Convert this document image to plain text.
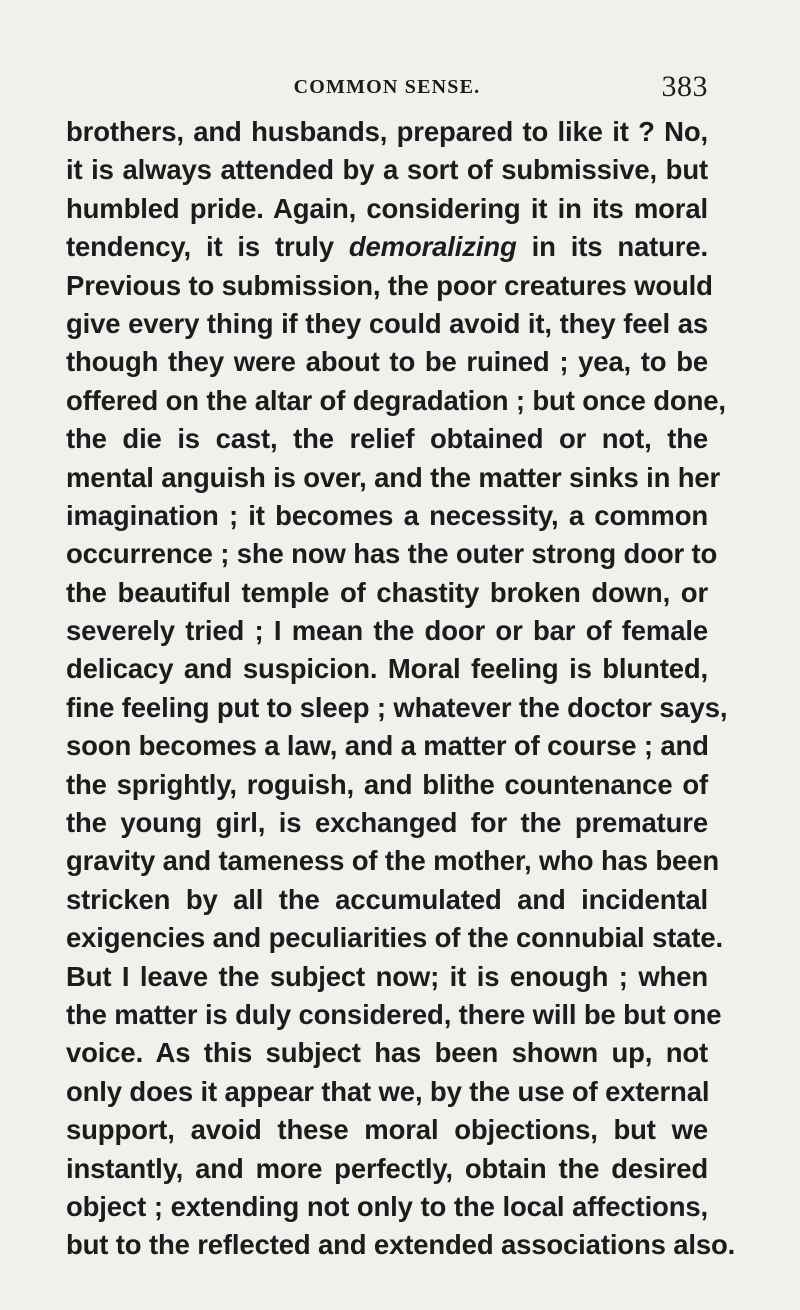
COMMON SENSE.	383
brothers, and husbands, prepared to like it ? No,
it is always attended by a sort of submissive, but
humbled pride. Again, considering it in its moral
tendency, it is truly demoralizing in its nature.
Previous to submission, the poor creatures would
give every thing if they could avoid it, they feel as
though they were about to be ruined ; yea, to be
offered on the altar of degradation ; but once done,
the die is cast, the relief obtained or not, the
mental anguish is over, and the matter sinks in her
imagination ; it becomes a necessity, a common
occurrence ; she now has the outer strong door to
the beautiful temple of chastity broken down, or
severely tried ; I mean the door or bar of female
delicacy and suspicion. Moral feeling is blunted,
fine feeling put to sleep ; whatever the doctor says,
soon becomes a law, and a matter of course ; and
the sprightly, roguish, and blithe countenance of
the young girl, is exchanged for the premature
gravity and tameness of the mother, who has been
stricken by all the accumulated and incidental
exigencies and peculiarities of the connubial state.
But I leave the subject now; it is enough ; when
the matter is duly considered, there will be but one
voice. As this subject has been shown up, not
only does it appear that we, by the use of external
support, avoid these moral objections, but we
instantly, and more perfectly, obtain the desired
object ; extending not only to the local affections,
but to the reflected and extended associations also.
